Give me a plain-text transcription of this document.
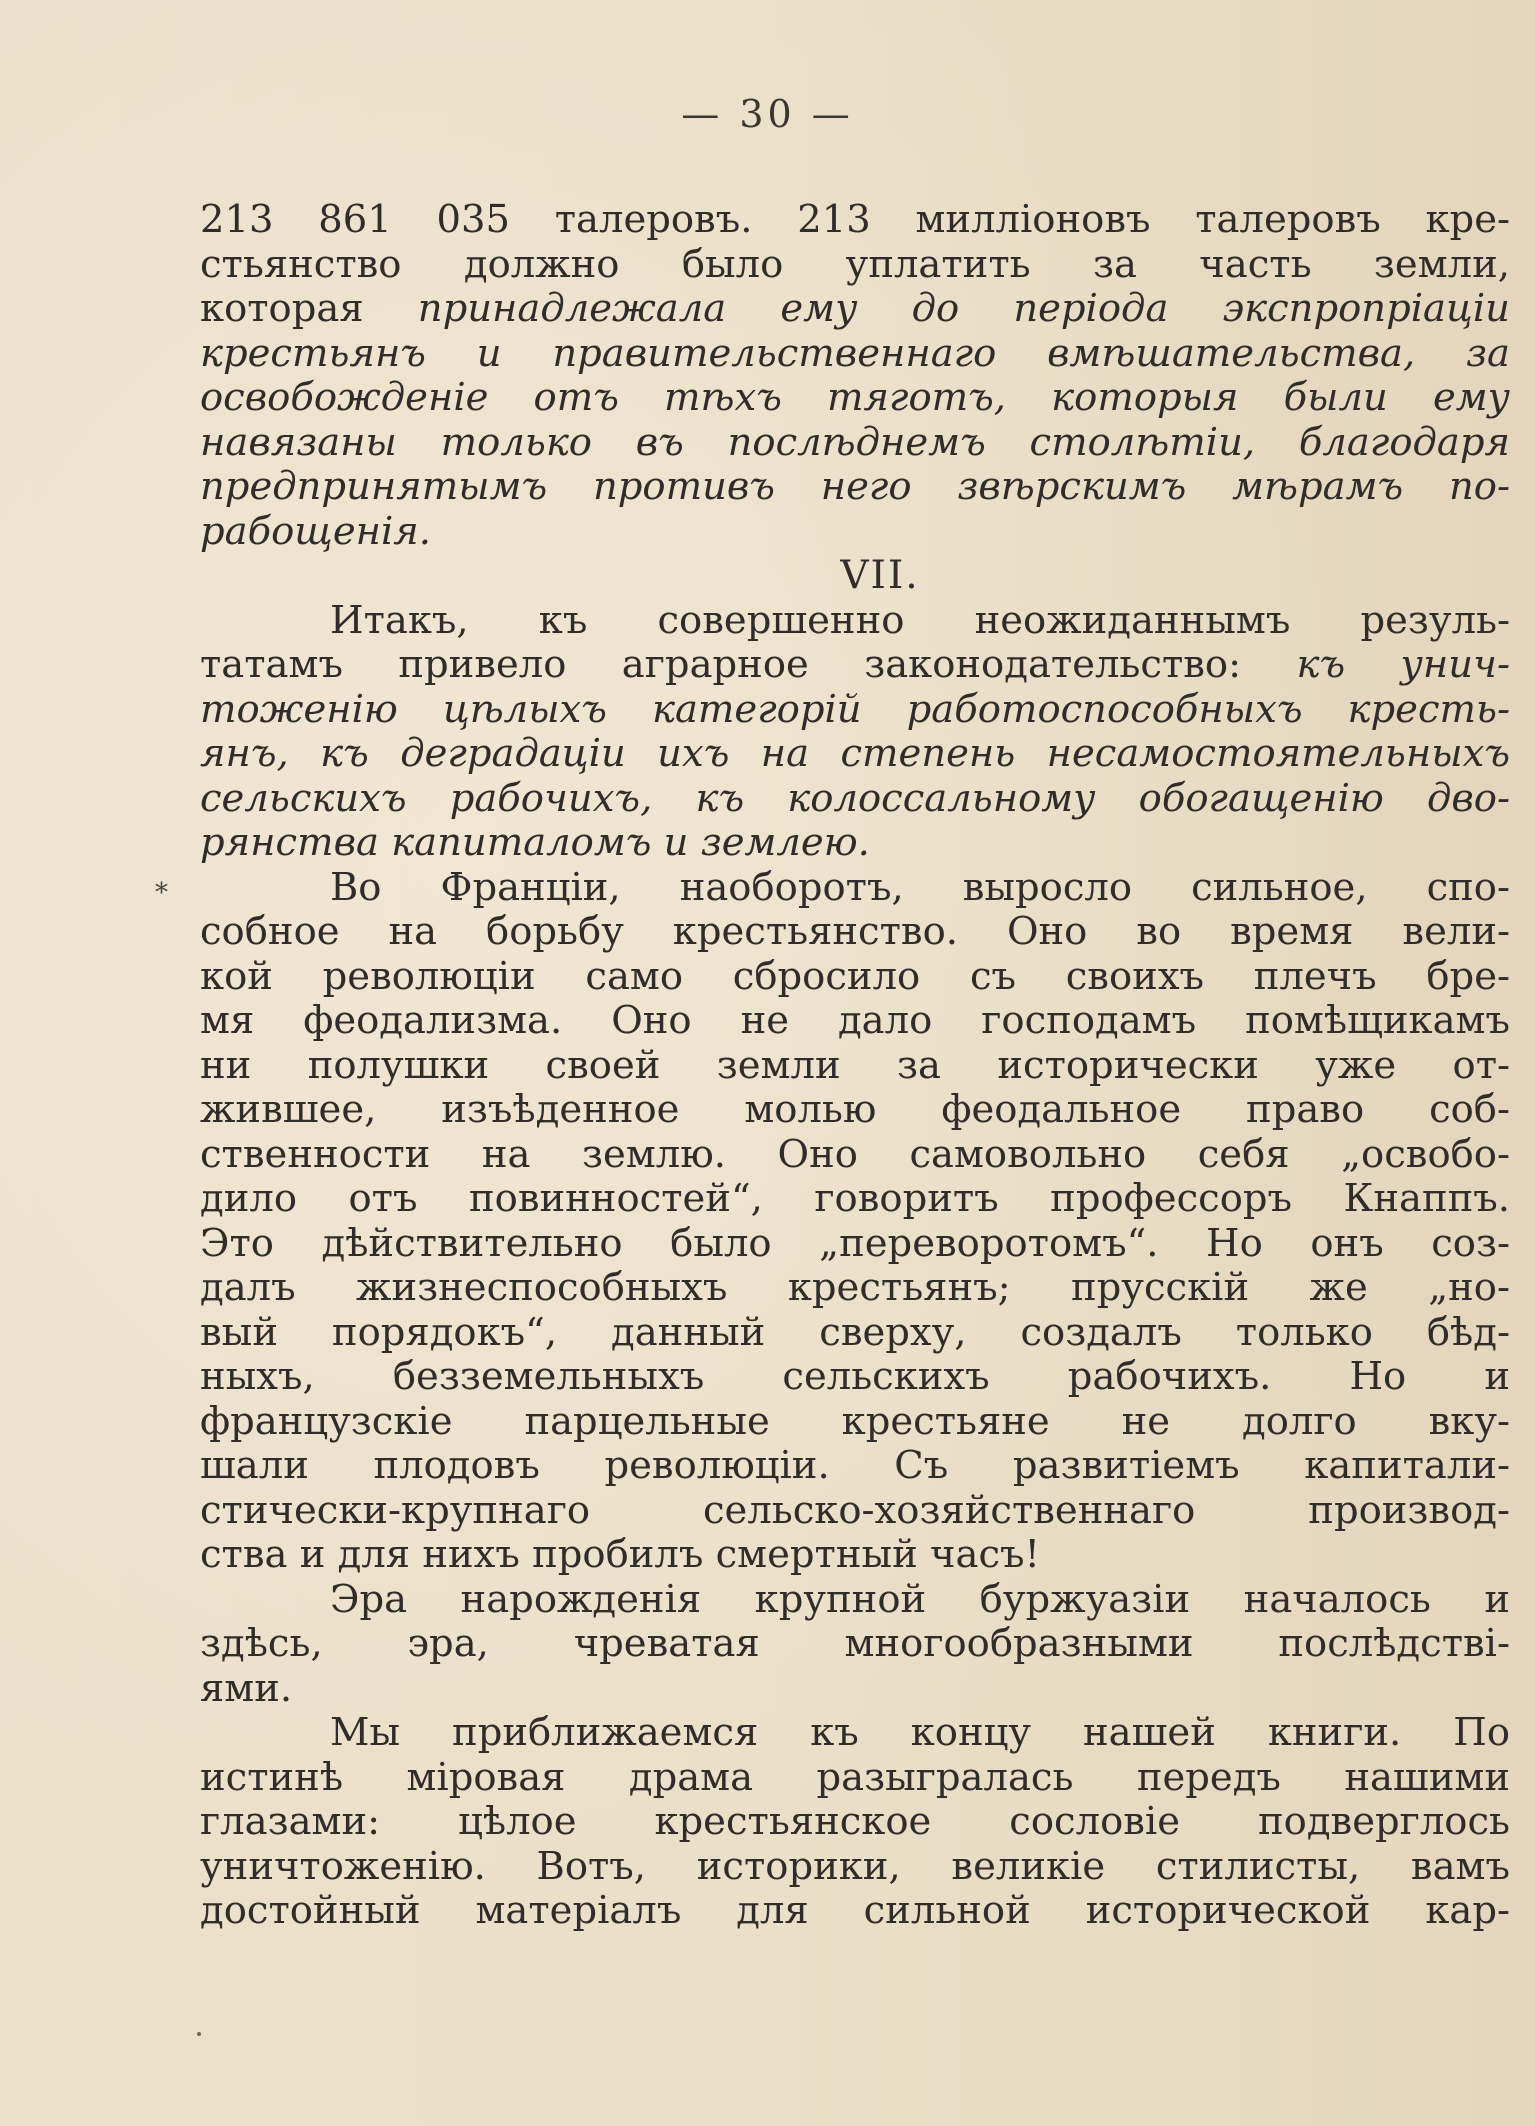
— 30 —
213 861 035 талеровъ. 213 миллiоновъ талеровъ кре-
стьянство должно было уплатить за часть земли,
которая принадлежала ему до перiода экспропрiацiи
крестьянъ и правительственнаго вмѣшательства, за
освобожденiе отъ тѣхъ тяготъ, которыя были ему
навязаны только въ послѣднемъ столѣтiи, благодаря
предпринятымъ противъ него звѣрскимъ мѣрамъ по-
рабощенiя.
VII.
Итакъ, къ совершенно неожиданнымъ резуль-
татамъ привело аграрное законодательство: къ унич-
тоженiю цѣлыхъ категорiй работоспособныхъ кресть-
янъ, къ деградацiи ихъ на степень несамостоятельныхъ
сельскихъ рабочихъ, къ колоссальному обогащенiю дво-
рянства капиталомъ и землею.
Во Францiи, наоборотъ, выросло сильное, спо-
собное на борьбу крестьянство. Оно во время вели-
кой революцiи само сбросило съ своихъ плечъ бре-
мя феодализма. Оно не дало господамъ помѣщикамъ
ни полушки своей земли за исторически уже от-
жившее, изъѣденное молью феодальное право соб-
ственности на землю. Оно самовольно себя „освобо-
дило отъ повинностей“, говоритъ профессоръ Кнаппъ.
Это дѣйствительно было „переворотомъ“. Но онъ соз-
далъ жизнеспособныхъ крестьянъ; прусскiй же „но-
вый порядокъ“, данный сверху, создалъ только бѣд-
ныхъ, безземельныхъ сельскихъ рабочихъ. Но и
французскiе парцельные крестьяне не долго вку-
шали плодовъ революцiи. Съ развитiемъ капитали-
стически-крупнаго сельско-хозяйственнаго производ-
ства и для нихъ пробилъ смертный часъ!
Эра нарожденiя крупной буржуазiи началось и
здѣсь, эра, чреватая многообразными послѣдствi-
ями.
Мы приближаемся къ концу нашей книги. По
истинѣ мiровая драма разыгралась передъ нашими
глазами: цѣлое крестьянское сословiе подверглось
уничтоженiю. Вотъ, историки, великiе стилисты, вамъ
достойный матерiалъ для сильной исторической кар-
*
